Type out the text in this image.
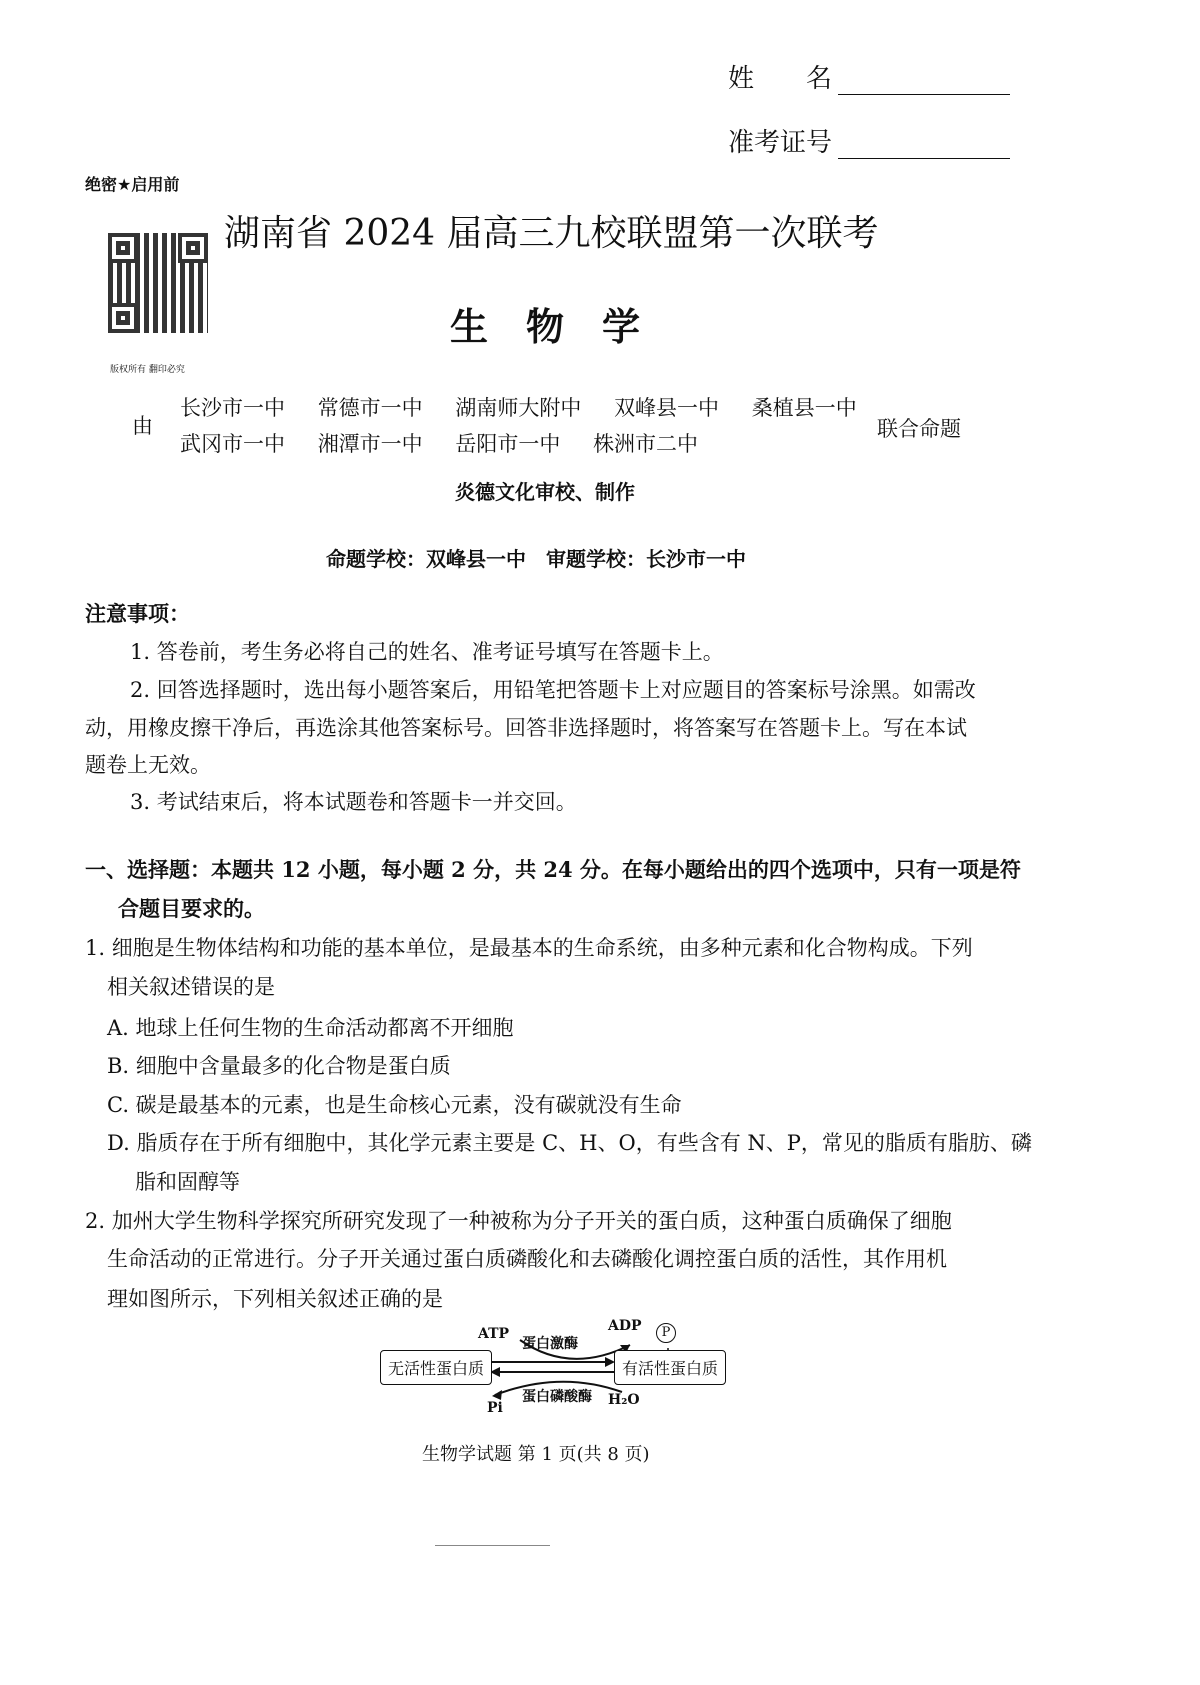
姓　　名
准考证号
绝密★启用前
湖南省 2024 届高三九校联盟第一次联考
版权所有 翻印必究
生　物　学
由
长沙市一中 常德市一中 湖南师大附中 双峰县一中 桑植县一中
武冈市一中 湘潭市一中 岳阳市一中 株洲市二中
联合命题
炎德文化审校、制作
命题学校：双峰县一中　审题学校：长沙市一中
注意事项：
1. 答卷前，考生务必将自己的姓名、准考证号填写在答题卡上。
2. 回答选择题时，选出每小题答案后，用铅笔把答题卡上对应题目的答案标号涂黑。如需改
动，用橡皮擦干净后，再选涂其他答案标号。回答非选择题时，将答案写在答题卡上。写在本试
题卷上无效。
3. 考试结束后，将本试题卷和答题卡一并交回。
一、选择题：本题共 12 小题，每小题 2 分，共 24 分。在每小题给出的四个选项中，只有一项是符
合题目要求的。
1. 细胞是生物体结构和功能的基本单位，是最基本的生命系统，由多种元素和化合物构成。下列
相关叙述错误的是
A. 地球上任何生物的生命活动都离不开细胞
B. 细胞中含量最多的化合物是蛋白质
C. 碳是最基本的元素，也是生命核心元素，没有碳就没有生命
D. 脂质存在于所有细胞中，其化学元素主要是 C、H、O，有些含有 N、P，常见的脂质有脂肪、磷
脂和固醇等
2. 加州大学生物科学探究所研究发现了一种被称为分子开关的蛋白质，这种蛋白质确保了细胞
生命活动的正常进行。分子开关通过蛋白质磷酸化和去磷酸化调控蛋白质的活性，其作用机
理如图所示，下列相关叙述正确的是
无活性蛋白质	有活性蛋白质
ATP
蛋白激酶
ADP	P
蛋白磷酸酶
Pi	H₂O
生物学试题 第 1 页(共 8 页)
